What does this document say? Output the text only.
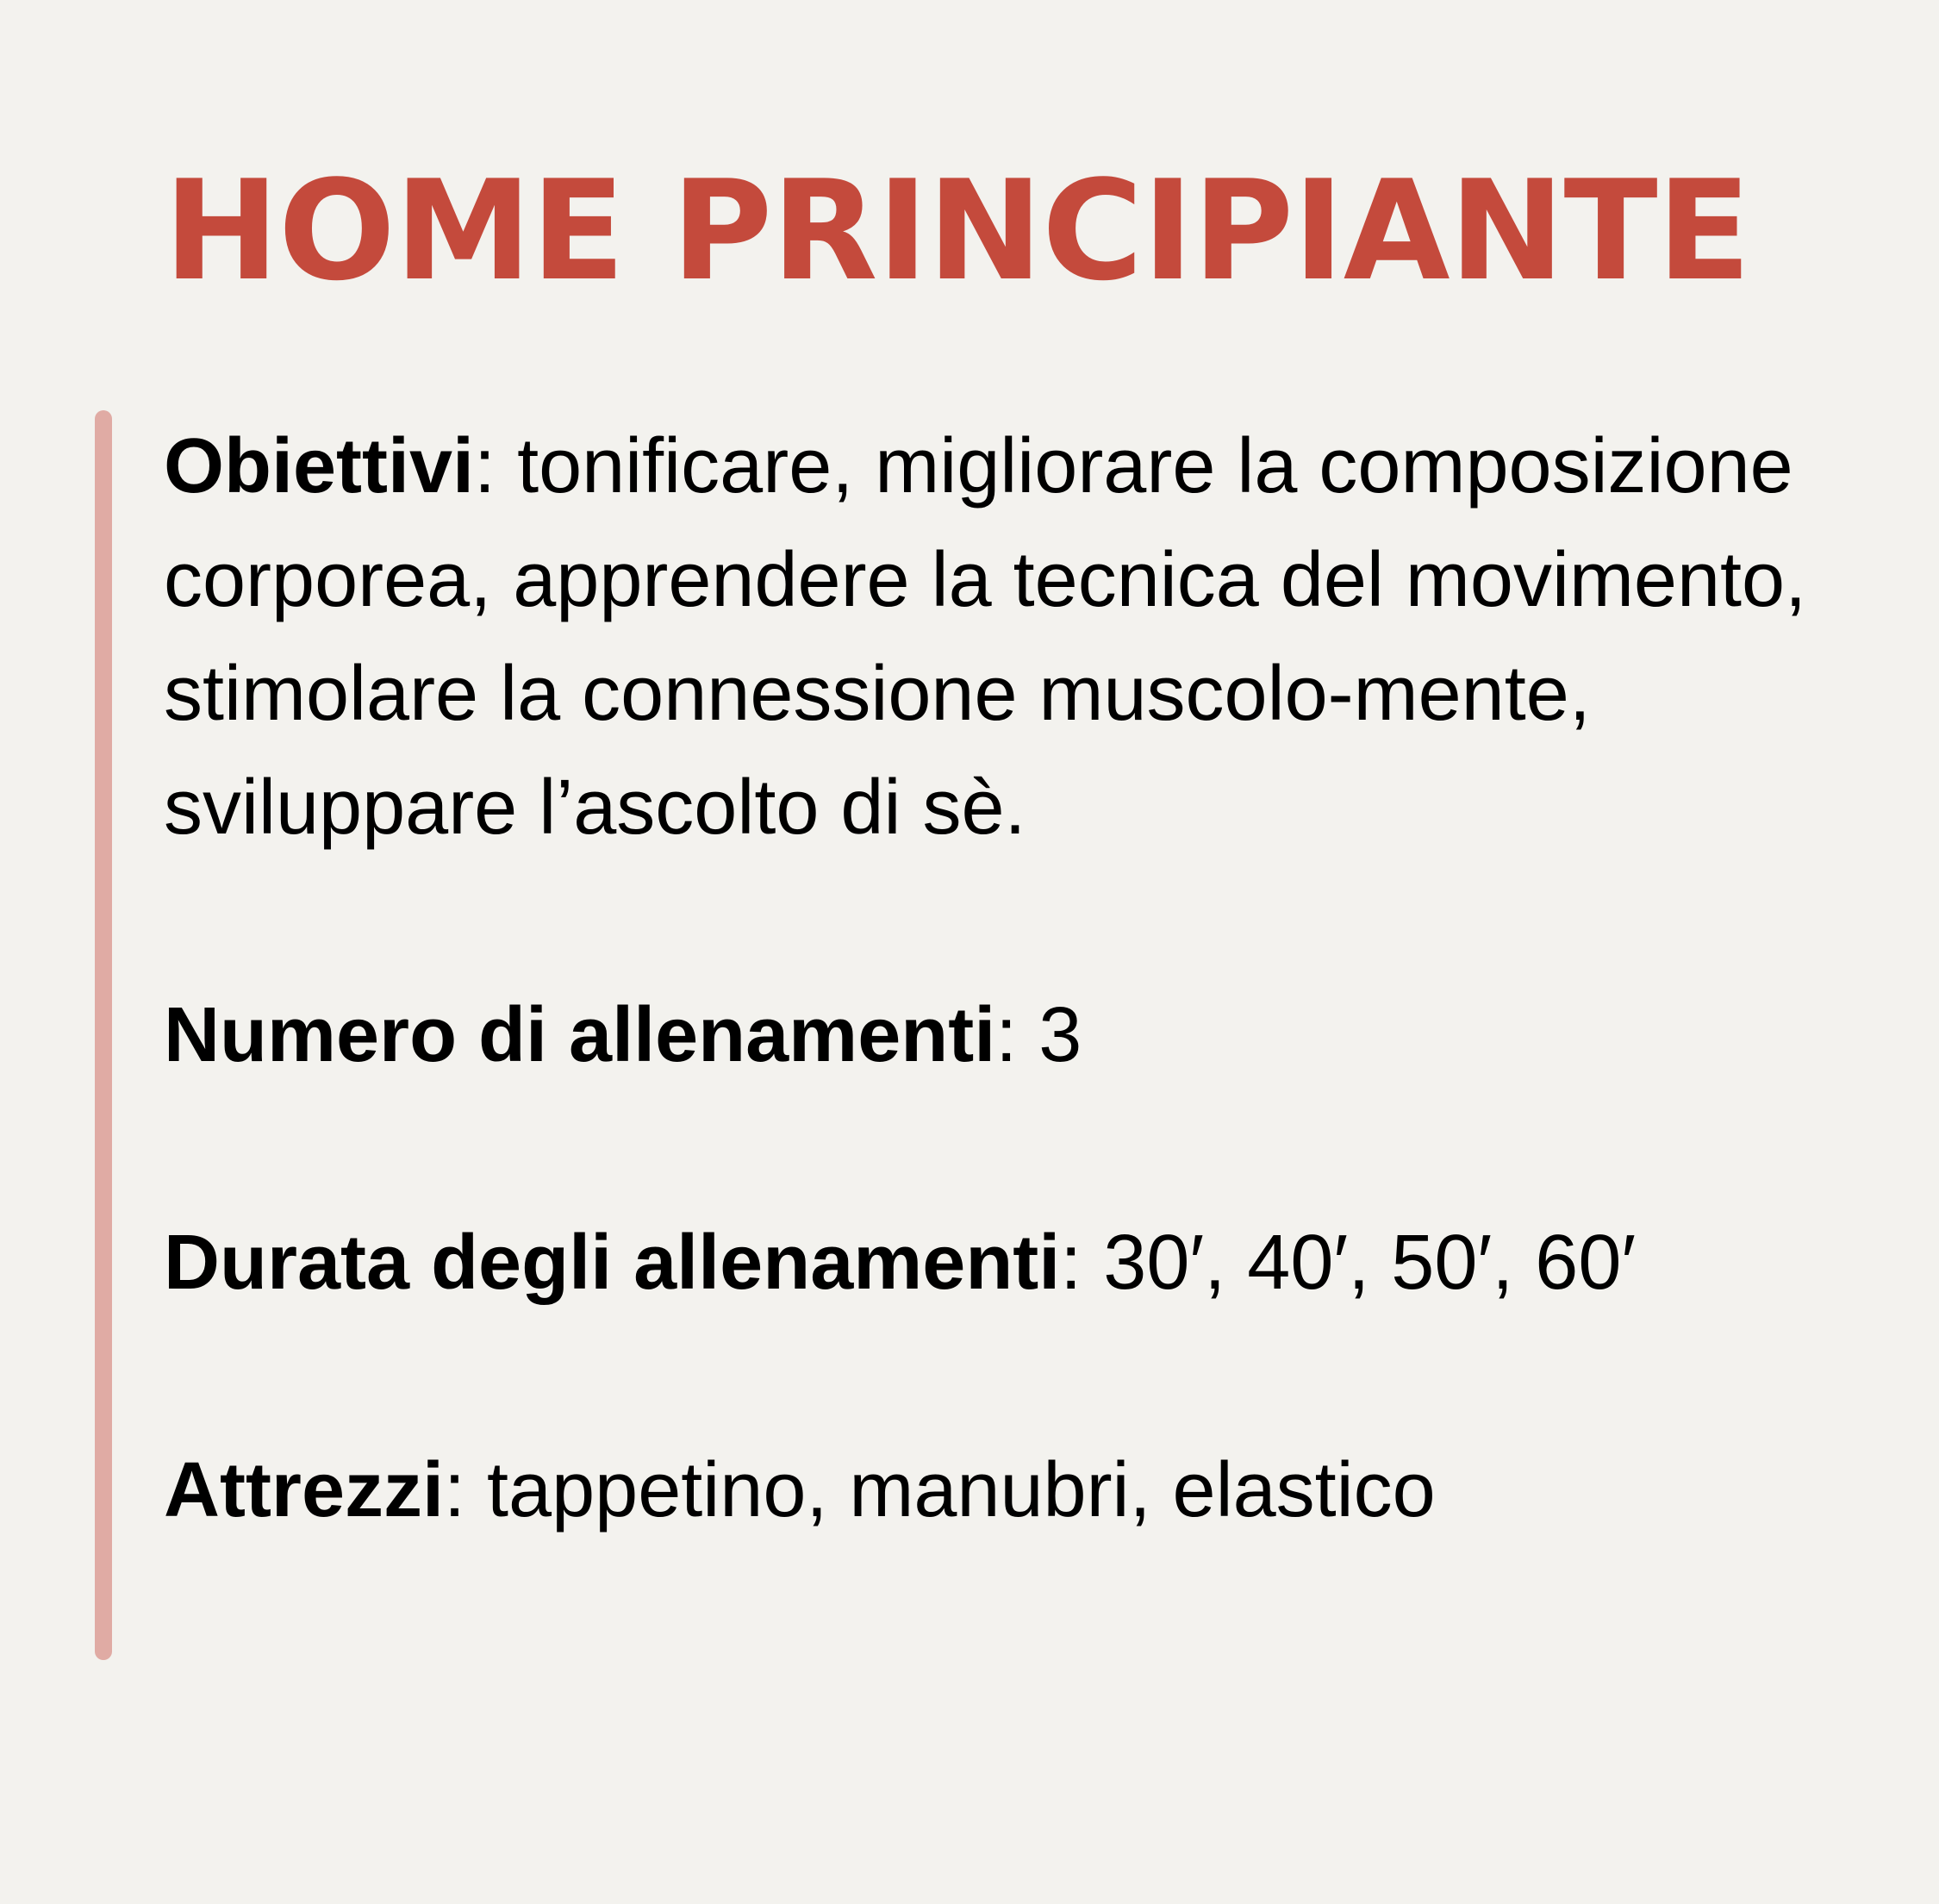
HOME PRINCIPIANTE

Obiettivi: tonificare, migliorare la composizione corporea, apprendere la tecnica del movimento, stimolare la connessione muscolo-mente, sviluppare l’ascolto di sè.

Numero di allenamenti: 3

Durata degli allenamenti: 30′, 40′, 50′, 60′

Attrezzi: tappetino, manubri, elastico
